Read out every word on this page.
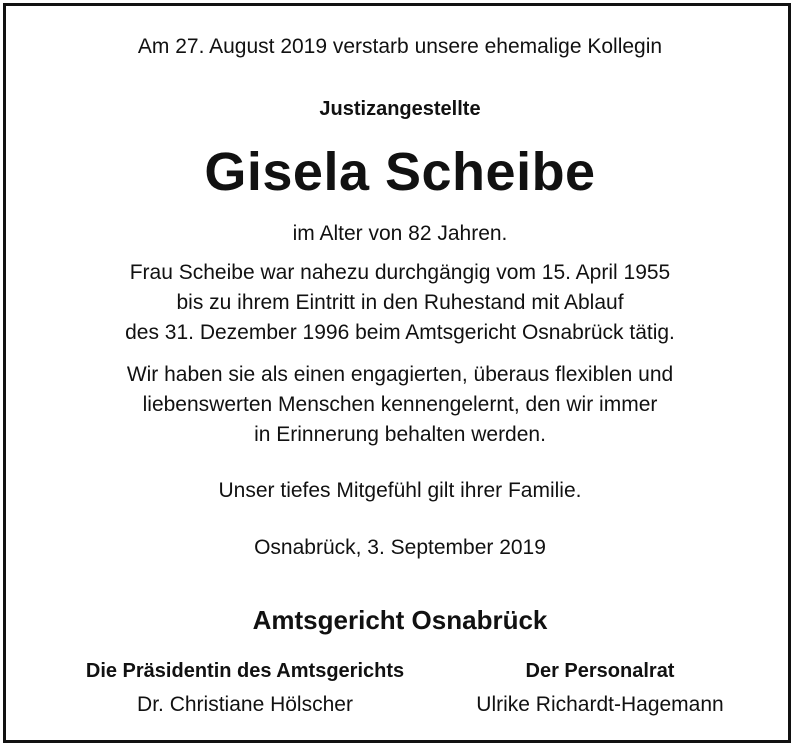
Am 27. August 2019 verstarb unsere ehemalige Kollegin
Justizangestellte
Gisela Scheibe
im Alter von 82 Jahren.
Frau Scheibe war nahezu durchgängig vom 15. April 1955
bis zu ihrem Eintritt in den Ruhestand mit Ablauf
des 31. Dezember 1996 beim Amtsgericht Osnabrück tätig.
Wir haben sie als einen engagierten, überaus flexiblen und
liebenswerten Menschen kennengelernt, den wir immer
in Erinnerung behalten werden.
Unser tiefes Mitgefühl gilt ihrer Familie.
Osnabrück, 3. September 2019
Amtsgericht Osnabrück
Die Präsidentin des Amtsgerichts
Dr. Christiane Hölscher
Der Personalrat
Ulrike Richardt-Hagemann
